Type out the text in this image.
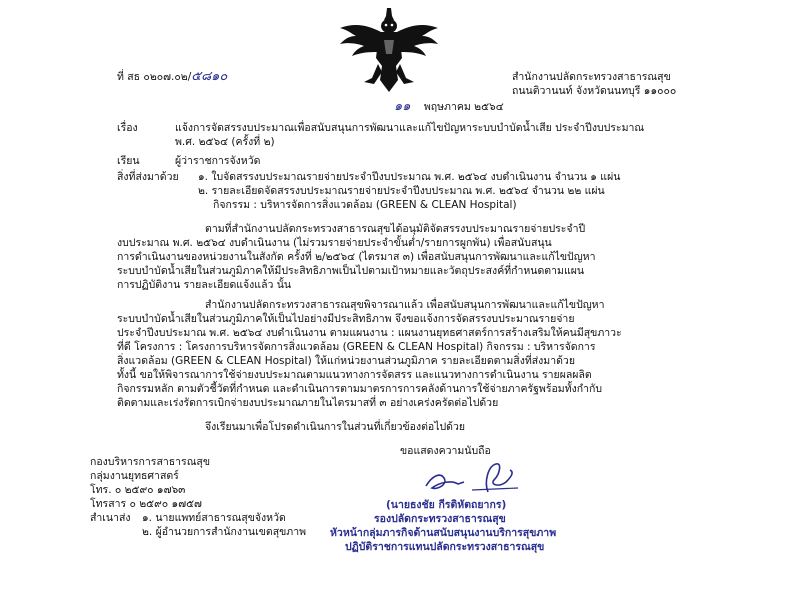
ที่ สธ ๐๒๐๗.๐๒/๕๘๑๐	สำนักงานปลัดกระทรวงสาธารณสุข
ถนนติวานนท์ จังหวัดนนทบุรี ๑๑๐๐๐
๑๑ พฤษภาคม ๒๕๖๔
เรื่อง	แจ้งการจัดสรรงบประมาณเพื่อสนับสนุนการพัฒนาและแก้ไขปัญหาระบบบำบัดน้ำเสีย ประจำปีงบประมาณ
พ.ศ. ๒๕๖๔ (ครั้งที่ ๒)
เรียน	ผู้ว่าราชการจังหวัด
สิ่งที่ส่งมาด้วย ๑. ใบจัดสรรงบประมาณรายจ่ายประจำปีงบประมาณ พ.ศ. ๒๕๖๔ งบดำเนินงาน จำนวน ๑ แผ่น
๒. รายละเอียดจัดสรรงบประมาณรายจ่ายประจำปีงบประมาณ พ.ศ. ๒๕๖๔ จำนวน ๒๒ แผ่น
กิจกรรม : บริหารจัดการสิ่งแวดล้อม (GREEN & CLEAN Hospital)
ตามที่สำนักงานปลัดกระทรวงสาธารณสุขได้อนุมัติจัดสรรงบประมาณรายจ่ายประจำปี
งบประมาณ พ.ศ. ๒๕๖๔ งบดำเนินงาน (ไม่รวมรายจ่ายประจำขั้นต่ำ/รายการผูกพัน) เพื่อสนับสนุน
การดำเนินงานของหน่วยงานในสังกัด ครั้งที่ ๒/๒๕๖๔ (ไตรมาส ๓) เพื่อสนับสนุนการพัฒนาและแก้ไขปัญหา
ระบบบำบัดน้ำเสียในส่วนภูมิภาคให้มีประสิทธิภาพเป็นไปตามเป้าหมายและวัตถุประสงค์ที่กำหนดตามแผน
การปฏิบัติงาน รายละเอียดแจ้งแล้ว นั้น
สำนักงานปลัดกระทรวงสาธารณสุขพิจารณาแล้ว เพื่อสนับสนุนการพัฒนาและแก้ไขปัญหา
ระบบบำบัดน้ำเสียในส่วนภูมิภาคให้เป็นไปอย่างมีประสิทธิภาพ จึงขอแจ้งการจัดสรรงบประมาณรายจ่าย
ประจำปีงบประมาณ พ.ศ. ๒๕๖๔ งบดำเนินงาน ตามแผนงาน : แผนงานยุทธศาสตร์การสร้างเสริมให้คนมีสุขภาวะ
ที่ดี โครงการ : โครงการบริหารจัดการสิ่งแวดล้อม (GREEN & CLEAN Hospital) กิจกรรม : บริหารจัดการ
สิ่งแวดล้อม (GREEN & CLEAN Hospital) ให้แก่หน่วยงานส่วนภูมิภาค รายละเอียดตามสิ่งที่ส่งมาด้วย
ทั้งนี้ ขอให้พิจารณาการใช้จ่ายงบประมาณตามแนวทางการจัดสรร และแนวทางการดำเนินงาน รายผลผลิต
กิจกรรมหลัก ตามตัวชี้วัดที่กำหนด และดำเนินการตามมาตรการการคลังด้านการใช้จ่ายภาครัฐพร้อมทั้งกำกับ
ติดตามและเร่งรัดการเบิกจ่ายงบประมาณภายในไตรมาสที่ ๓ อย่างเคร่งครัดต่อไปด้วย
จึงเรียนมาเพื่อโปรดดำเนินการในส่วนที่เกี่ยวข้องต่อไปด้วย
ขอแสดงความนับถือ
(นายธงชัย กีรติหัตถยากร)
รองปลัดกระทรวงสาธารณสุข
หัวหน้ากลุ่มภารกิจด้านสนับสนุนงานบริการสุขภาพ
ปฏิบัติราชการแทนปลัดกระทรวงสาธารณสุข
กองบริหารการสาธารณสุข
กลุ่มงานยุทธศาสตร์
โทร. ๐ ๒๕๙๐ ๑๗๖๓
โทรสาร ๐ ๒๕๙๐ ๑๗๕๗
สำเนาส่ง ๑. นายแพทย์สาธารณสุขจังหวัด
๒. ผู้อำนวยการสำนักงานเขตสุขภาพ
